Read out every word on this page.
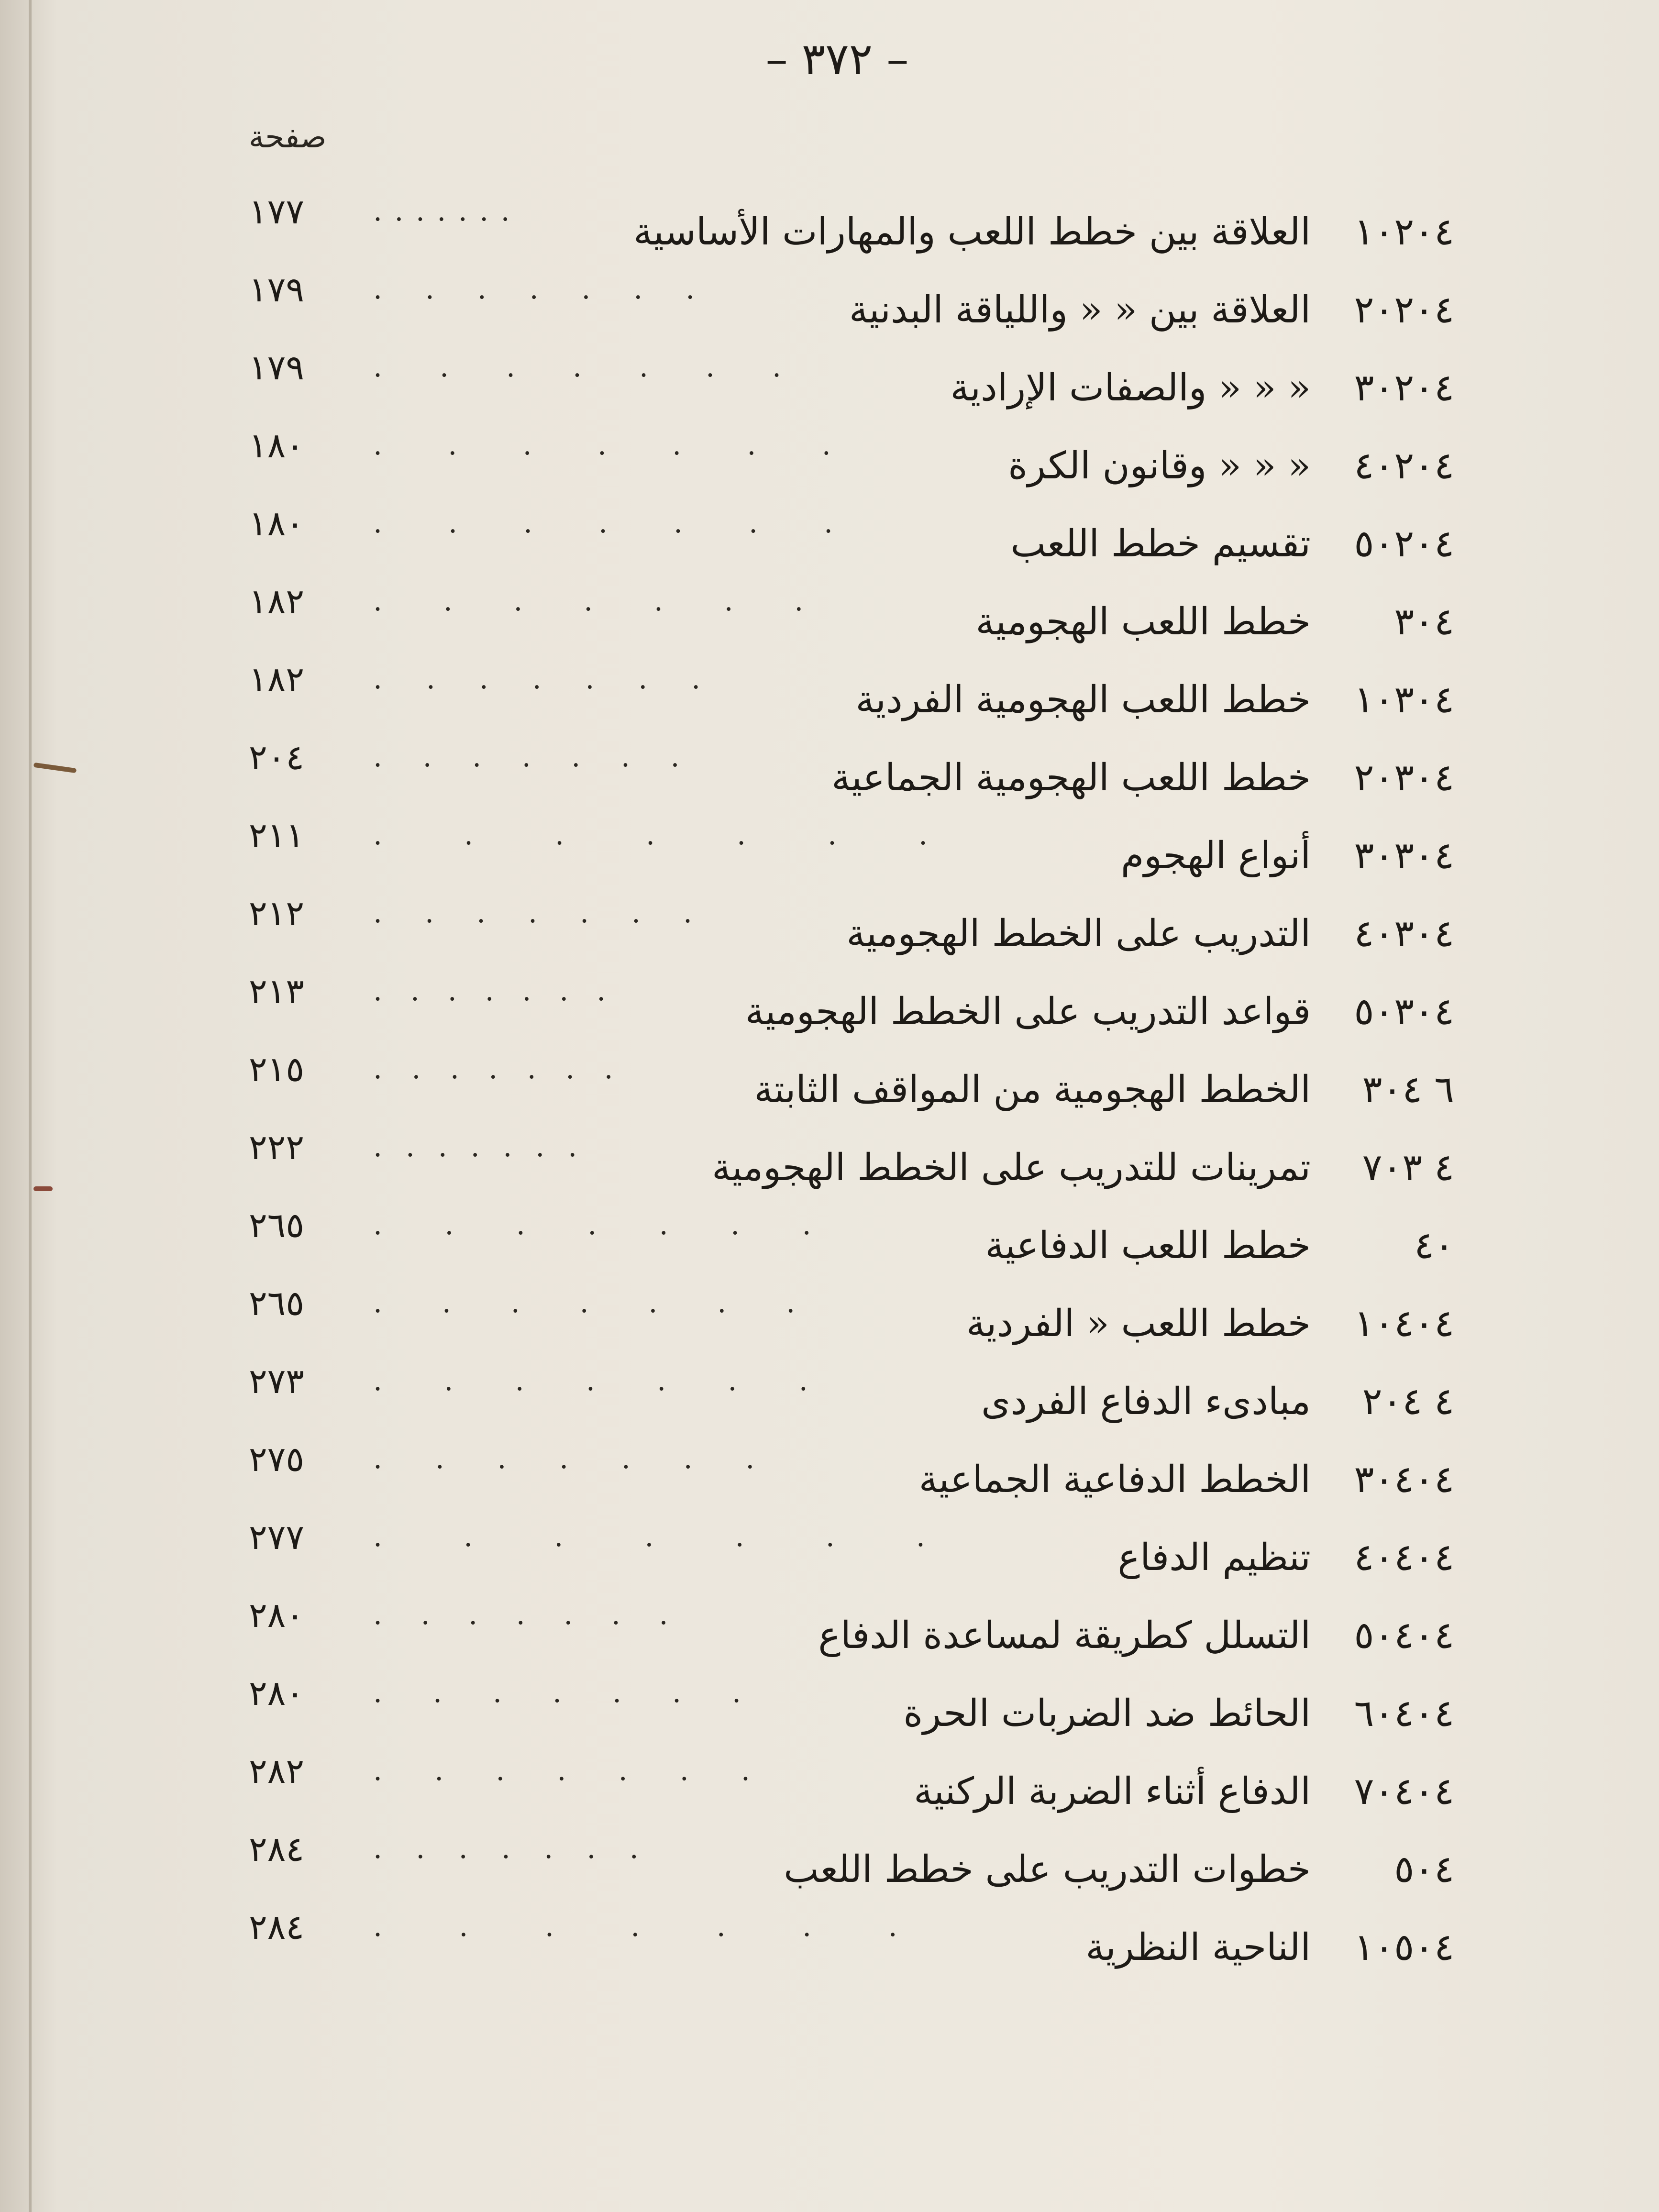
– ٣٧٢ –
صفحة
١٧٧	. . . . . . .	١٠٢٠٤العلاقة بين خطط اللعب والمهارات الأساسية
١٧٩	. . . . . . .	٢٠٢٠٤العلاقة بين « « واللياقة البدنية
١٧٩	. . . . . . .	٣٠٢٠٤« « « والصفات الإرادية
١٨٠	. . . . . . .	٤٠٢٠٤« « « وقانون الكرة
١٨٠	. . . . . . .	٥٠٢٠٤تقسيم خطط اللعب
١٨٢	. . . . . . .	٣٠٤خطط اللعب الهجومية
١٨٢	. . . . . . .	١٠٣٠٤خطط اللعب الهجومية الفردية
٢٠٤	. . . . . . .	٢٠٣٠٤خطط اللعب الهجومية الجماعية
٢١١	. . . . . . .	٣٠٣٠٤أنواع الهجوم
٢١٢	. . . . . . .	٤٠٣٠٤التدريب على الخطط الهجومية
٢١٣	. . . . . . .	٥٠٣٠٤قواعد التدريب على الخطط الهجومية
٢١٥	. . . . . . .	٦ ٣٠٤الخطط الهجومية من المواقف الثابتة
٢٢٢	. . . . . . .	٤ ٧٠٣تمرينات للتدريب على الخطط الهجومية
٢٦٥	. . . . . . .	٤٠خطط اللعب الدفاعية
٢٦٥	. . . . . . .	١٠٤٠٤خطط اللعب « الفردية
٢٧٣	. . . . . . .	٤ ٢٠٤مبادىء الدفاع الفردى
٢٧٥	. . . . . . .	٣٠٤٠٤الخطط الدفاعية الجماعية
٢٧٧	. . . . . . .	٤٠٤٠٤تنظيم الدفاع
٢٨٠	. . . . . . .	٥٠٤٠٤التسلل كطريقة لمساعدة الدفاع
٢٨٠	. . . . . . .	٦٠٤٠٤الحائط ضد الضربات الحرة
٢٨٢	. . . . . . .	٧٠٤٠٤الدفاع أثناء الضربة الركنية
٢٨٤	. . . . . . .	٥٠٤خطوات التدريب على خطط اللعب
٢٨٤	. . . . . . .	١٠٥٠٤الناحية النظرية
